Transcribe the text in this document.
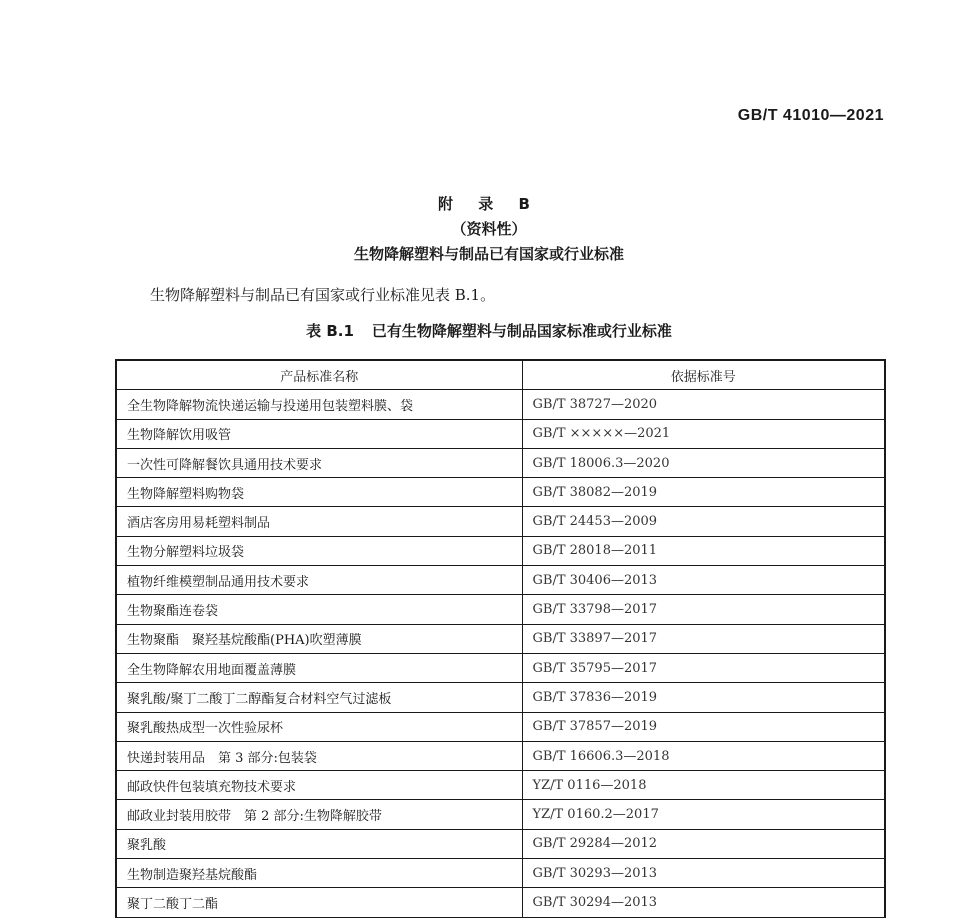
GB/T 41010—2021
附 录 B
（资料性）
生物降解塑料与制品已有国家或行业标准
生物降解塑料与制品已有国家或行业标准见表 B.1。
表 B.1 已有生物降解塑料与制品国家标准或行业标准
产品标准名称	依据标准号
全生物降解物流快递运输与投递用包装塑料膜、袋	GB/T 38727—2020
生物降解饮用吸管	GB/T ×××××—2021
一次性可降解餐饮具通用技术要求	GB/T 18006.3—2020
生物降解塑料购物袋	GB/T 38082—2019
酒店客房用易耗塑料制品	GB/T 24453—2009
生物分解塑料垃圾袋	GB/T 28018—2011
植物纤维模塑制品通用技术要求	GB/T 30406—2013
生物聚酯连卷袋	GB/T 33798—2017
生物聚酯　聚羟基烷酸酯(PHA)吹塑薄膜	GB/T 33897—2017
全生物降解农用地面覆盖薄膜	GB/T 35795—2017
聚乳酸/聚丁二酸丁二醇酯复合材料空气过滤板	GB/T 37836—2019
聚乳酸热成型一次性验尿杯	GB/T 37857—2019
快递封装用品　第 3 部分:包装袋	GB/T 16606.3—2018
邮政快件包装填充物技术要求	YZ/T 0116—2018
邮政业封装用胶带　第 2 部分:生物降解胶带	YZ/T 0160.2—2017
聚乳酸	GB/T 29284—2012
生物制造聚羟基烷酸酯	GB/T 30293—2013
聚丁二酸丁二酯	GB/T 30294—2013
